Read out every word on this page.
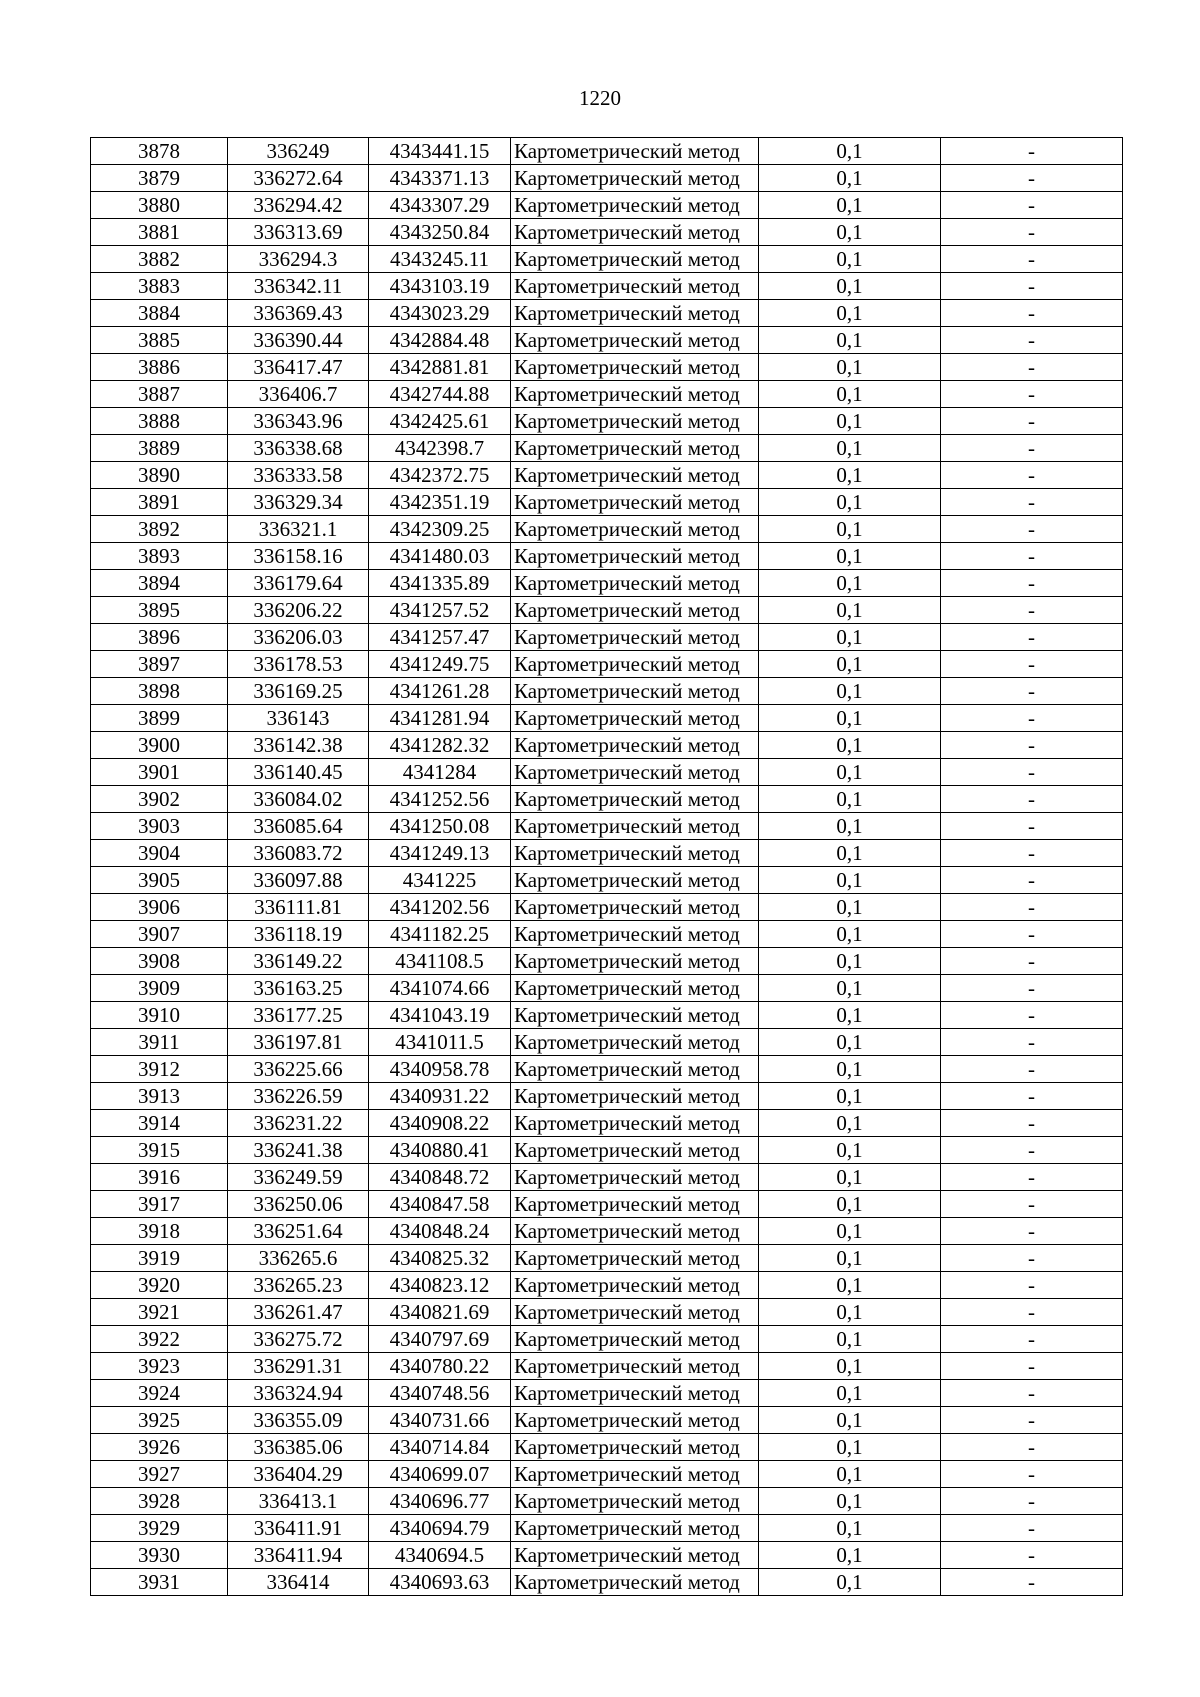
1220
3878	336249	4343441.15	Картометрический метод	0,1	-
3879	336272.64	4343371.13	Картометрический метод	0,1	-
3880	336294.42	4343307.29	Картометрический метод	0,1	-
3881	336313.69	4343250.84	Картометрический метод	0,1	-
3882	336294.3	4343245.11	Картометрический метод	0,1	-
3883	336342.11	4343103.19	Картометрический метод	0,1	-
3884	336369.43	4343023.29	Картометрический метод	0,1	-
3885	336390.44	4342884.48	Картометрический метод	0,1	-
3886	336417.47	4342881.81	Картометрический метод	0,1	-
3887	336406.7	4342744.88	Картометрический метод	0,1	-
3888	336343.96	4342425.61	Картометрический метод	0,1	-
3889	336338.68	4342398.7	Картометрический метод	0,1	-
3890	336333.58	4342372.75	Картометрический метод	0,1	-
3891	336329.34	4342351.19	Картометрический метод	0,1	-
3892	336321.1	4342309.25	Картометрический метод	0,1	-
3893	336158.16	4341480.03	Картометрический метод	0,1	-
3894	336179.64	4341335.89	Картометрический метод	0,1	-
3895	336206.22	4341257.52	Картометрический метод	0,1	-
3896	336206.03	4341257.47	Картометрический метод	0,1	-
3897	336178.53	4341249.75	Картометрический метод	0,1	-
3898	336169.25	4341261.28	Картометрический метод	0,1	-
3899	336143	4341281.94	Картометрический метод	0,1	-
3900	336142.38	4341282.32	Картометрический метод	0,1	-
3901	336140.45	4341284	Картометрический метод	0,1	-
3902	336084.02	4341252.56	Картометрический метод	0,1	-
3903	336085.64	4341250.08	Картометрический метод	0,1	-
3904	336083.72	4341249.13	Картометрический метод	0,1	-
3905	336097.88	4341225	Картометрический метод	0,1	-
3906	336111.81	4341202.56	Картометрический метод	0,1	-
3907	336118.19	4341182.25	Картометрический метод	0,1	-
3908	336149.22	4341108.5	Картометрический метод	0,1	-
3909	336163.25	4341074.66	Картометрический метод	0,1	-
3910	336177.25	4341043.19	Картометрический метод	0,1	-
3911	336197.81	4341011.5	Картометрический метод	0,1	-
3912	336225.66	4340958.78	Картометрический метод	0,1	-
3913	336226.59	4340931.22	Картометрический метод	0,1	-
3914	336231.22	4340908.22	Картометрический метод	0,1	-
3915	336241.38	4340880.41	Картометрический метод	0,1	-
3916	336249.59	4340848.72	Картометрический метод	0,1	-
3917	336250.06	4340847.58	Картометрический метод	0,1	-
3918	336251.64	4340848.24	Картометрический метод	0,1	-
3919	336265.6	4340825.32	Картометрический метод	0,1	-
3920	336265.23	4340823.12	Картометрический метод	0,1	-
3921	336261.47	4340821.69	Картометрический метод	0,1	-
3922	336275.72	4340797.69	Картометрический метод	0,1	-
3923	336291.31	4340780.22	Картометрический метод	0,1	-
3924	336324.94	4340748.56	Картометрический метод	0,1	-
3925	336355.09	4340731.66	Картометрический метод	0,1	-
3926	336385.06	4340714.84	Картометрический метод	0,1	-
3927	336404.29	4340699.07	Картометрический метод	0,1	-
3928	336413.1	4340696.77	Картометрический метод	0,1	-
3929	336411.91	4340694.79	Картометрический метод	0,1	-
3930	336411.94	4340694.5	Картометрический метод	0,1	-
3931	336414	4340693.63	Картометрический метод	0,1	-
